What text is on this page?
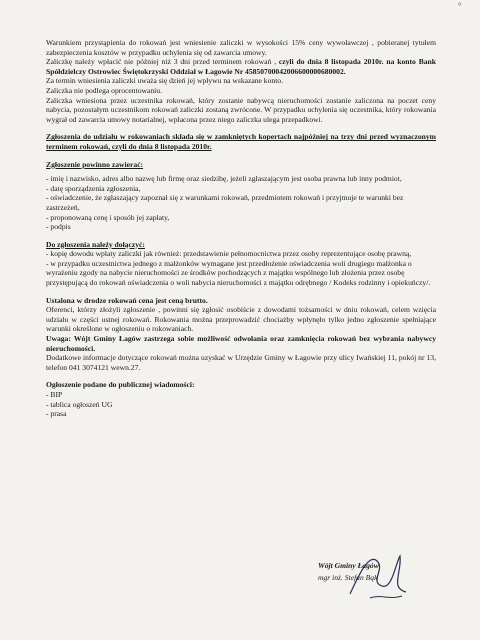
°

Warunkiem przystąpienia do rokowań jest wniesienie zaliczki w wysokości 15% ceny wywoławczej , pobieranej tytułem zabezpieczenia kosztów w przypadku uchylenia się od zawarcia umowy.

Zaliczkę należy wpłacić nie później niż 3 dni przed terminem rokowań , czyli do dnia 8 listopada 2010r. na konto Bank Spółdzielczy Ostrowiec Świętokrzyski Oddział w Łagowie Nr 45850700042006600000680002.

Za termin wniesienia zaliczki uważa się dzień jej wpływu na wskazane konto.

Zaliczka nie podlega oprocentowaniu.

Zaliczka wniesiona przez uczestnika rokowań, który zostanie nabywcą nieruchomości zostanie zaliczona na poczet ceny nabycia, pozostałym uczestnikom rokowań zaliczki zostaną zwrócone. W przypadku uchylenia się uczestnika, który rokowania wygrał od zawarcia umowy notarialnej, wpłacona przez niego zaliczka ulega przepadkowi.

Zgłoszenia do udziału w rokowaniach składa się w zamkniętych kopertach najpóźniej na trzy dni przed wyznaczonym terminem rokowań, czyli do dnia 8 listopada 2010r.

Zgłoszenie powinno zawierać:

- imię i nazwisko, adres albo nazwę lub firmę oraz siedzibę, jeżeli zgłaszającym jest osoba prawna lub inny podmiot,
- datę sporządzenia zgłoszenia,
- oświadczenie, że zgłaszający zapoznał się z warunkami rokowań, przedmiotem rokowań i przyjmuje te warunki bez zastrzeżeń,
- proponowaną cenę i sposób jej zapłaty,
- podpis

Do zgłoszenia należy dołączyć:

- kopię dowodu wpłaty zaliczki jak również: przedstawienie pełnomocnictwa przez osoby reprezentujące osobę prawną,
- w przypadku uczestnictwa jednego z małżonków wymagane jest przedłożenie oświadczenia woli drugiego małżonka o wyrażeniu zgody na nabycie nieruchomości ze środków pochodzących z majątku wspólnego lub złożenia przez osobę przystępującą do rokowań oświadczenia o woli nabycia nieruchomości z majątku odrębnego / Kodeks rodzinny i opiekuńczy/.

Ustalona w drodze rokowań cena jest ceną brutto.

Oferenci, którzy złożyli zgłoszenie , powinni się zgłosić osobiście z dowodami tożsamości w dniu rokowań, celem wzięcia udziału w części ustnej rokowań. Rokowania można przeprowadzić chociażby wpłynęło tylko jedno zgłoszenie spełniające warunki określone w ogłoszeniu o rokowaniach.

Uwaga: Wójt Gminy Łagów zastrzega sobie możliwość odwołania oraz zamknięcia rokowań bez wybrania nabywcy nieruchomości.

Dodatkowe informacje dotyczące rokowań można uzyskać w Urzędzie Gminy w Łagowie przy ulicy Iwańskiej 11, pokój nr 13, telefon 041 3074121 wewn.27.

Ogłoszenie podane do publicznej wiadomości:

- BIP
- tablica ogłoszeń UG
- prasa
Wójt Gminy Łagów
mgr inż. Stefan Bąk
